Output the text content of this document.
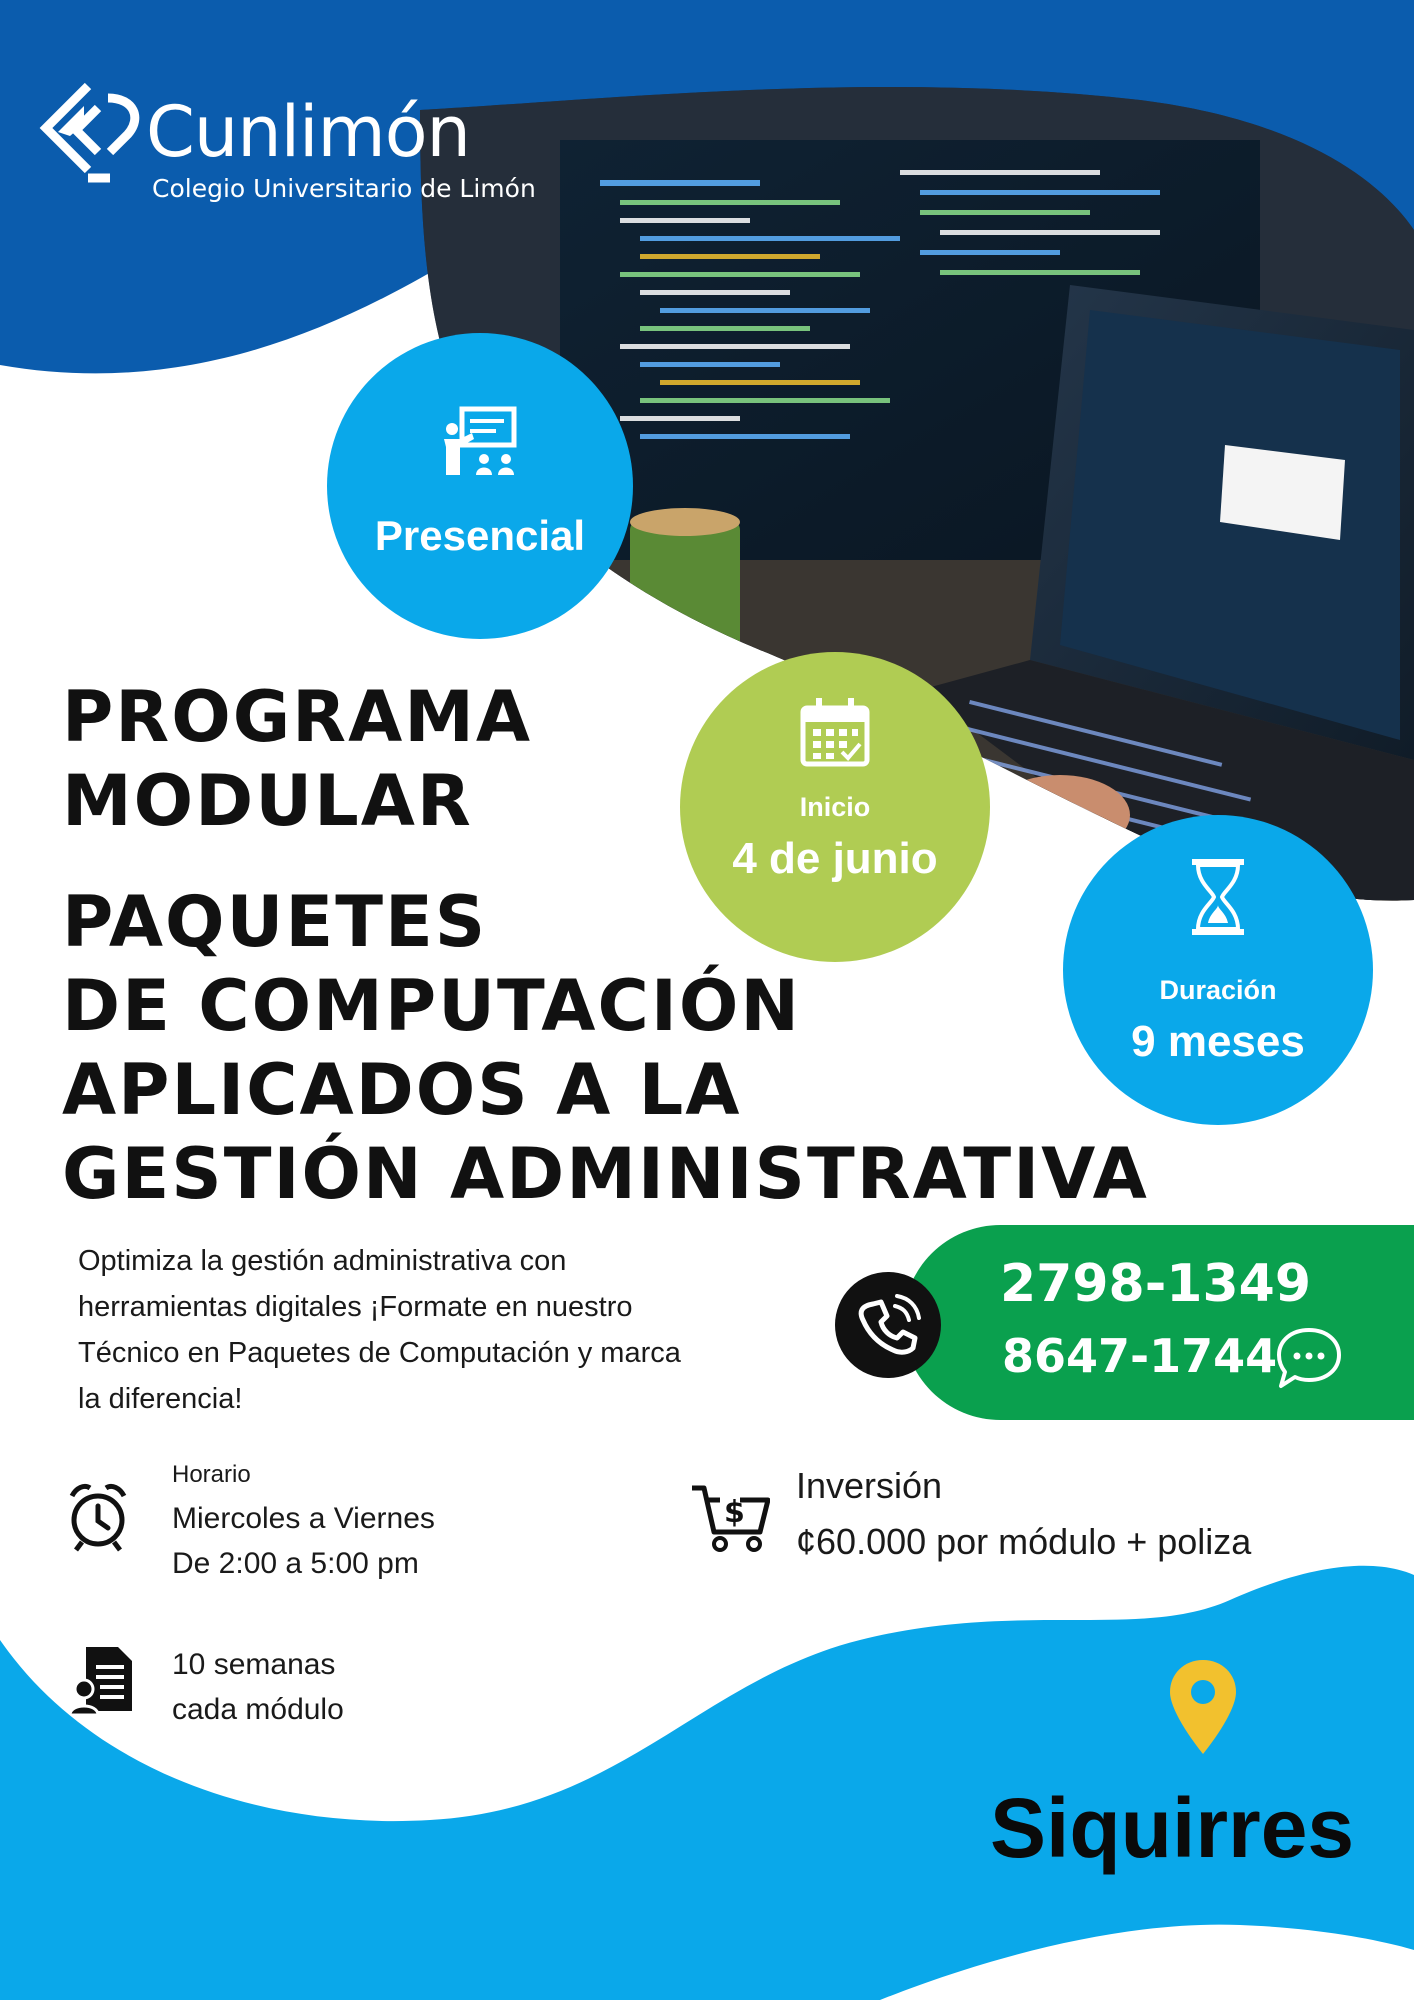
Cunlimón
Colegio Universitario de Limón
Presencial
Inicio
4 de junio
Duración
9 meses
PROGRAMA
MODULAR
PAQUETES
DE COMPUTACIÓN
APLICADOS A LA
GESTIÓN ADMINISTRATIVA
Optimiza la gestión administrativa con
herramientas digitales ¡Formate en nuestro
Técnico en Paquetes de Computación y marca
la diferencia!
2798-1349
8647-1744
Horario
Miercoles a Viernes
De 2:00 a 5:00 pm
$
Inversión
¢60.000 por módulo + poliza
10 semanas
cada módulo
Siquirres
